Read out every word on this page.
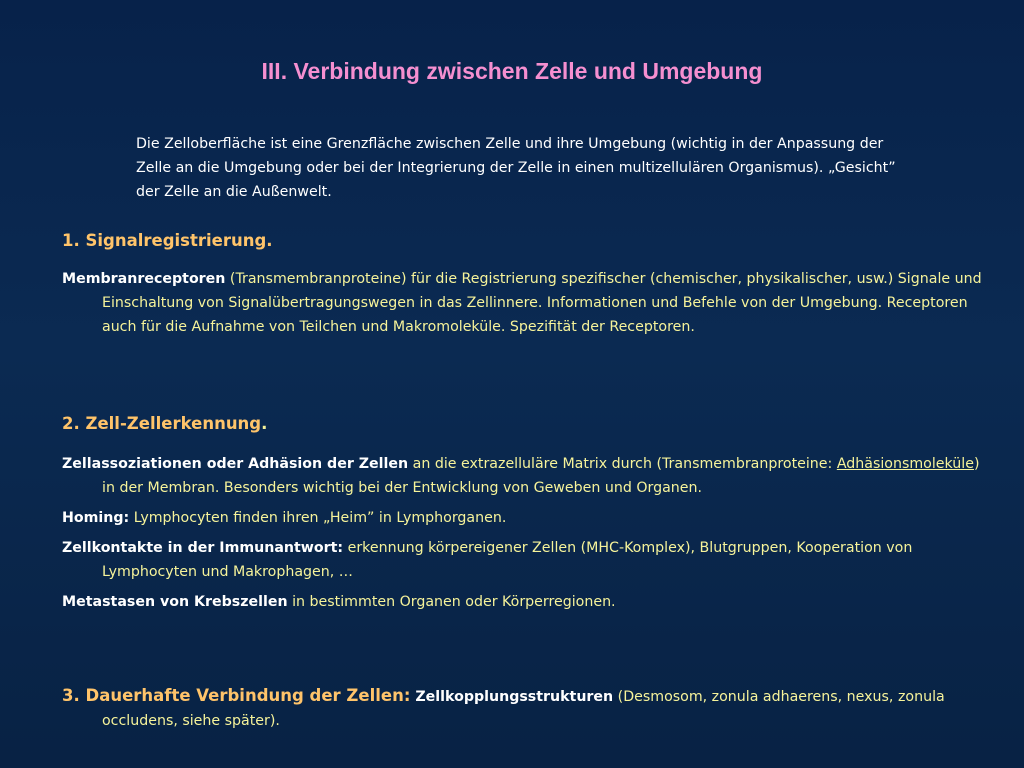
III. Verbindung zwischen Zelle und Umgebung
Die Zelloberfläche ist eine Grenzfläche zwischen Zelle und ihre Umgebung (wichtig in der Anpassung der Zelle an die Umgebung oder bei der Integrierung der Zelle in einen multizellulären Organismus). „Gesicht” der Zelle an die Außenwelt.
1. Signalregistrierung.

Membranreceptoren (Transmembranproteine) für die Registrierung spezifischer (chemischer, physikalischer, usw.) Signale und Einschaltung von Signalübertragungswegen in das Zellinnere. Informationen und Befehle von der Umgebung. Receptoren auch für die Aufnahme von Teilchen und Makromoleküle. Spezifität der Receptoren.

2. Zell-Zellerkennung.

Zellassoziationen oder Adhäsion der Zellen an die extrazelluläre Matrix durch (Transmembranproteine: Adhäsionsmoleküle) in der Membran. Besonders wichtig bei der Entwicklung von Geweben und Organen.

Homing: Lymphocyten finden ihren „Heim” in Lymphorganen.

Zellkontakte in der Immunantwort: erkennung körpereigener Zellen (MHC-Komplex), Blutgruppen, Kooperation von Lymphocyten und Makrophagen, …

Metastasen von Krebszellen in bestimmten Organen oder Körperregionen.

3. Dauerhafte Verbindung der Zellen: Zellkopplungsstrukturen (Desmosom, zonula adhaerens, nexus, zonula occludens, siehe später).
